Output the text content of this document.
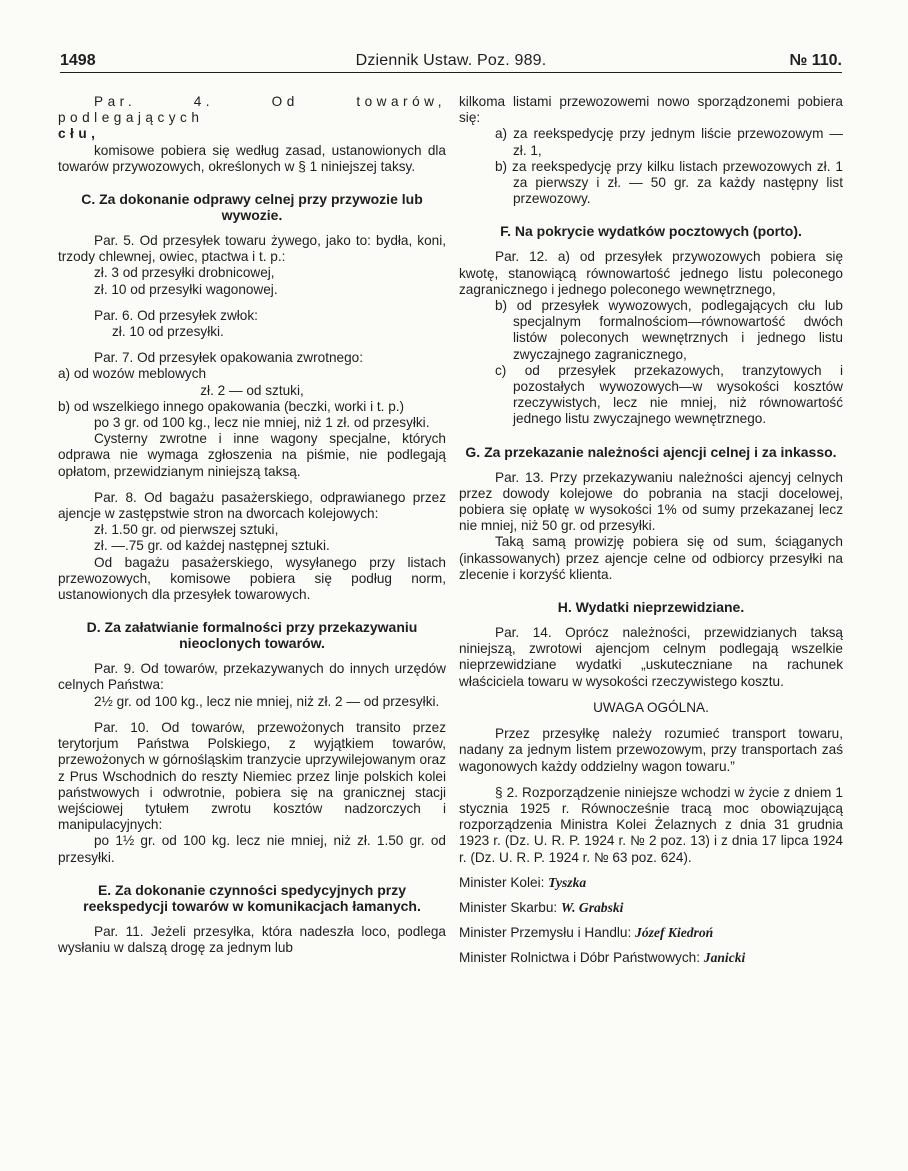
1498	Dziennik Ustaw. Poz. 989.	№ 110.

Par. 4. Od towarów, podlegających

cłu,

komisowe pobiera się według zasad, ustanowionych dla towarów przywozowych, określonych w § 1 niniejszej taksy.

C. Za dokonanie odprawy celnej przy przywozie lub wywozie.

Par. 5. Od przesyłek towaru żywego, jako to: bydła, koni, trzody chlewnej, owiec, ptactwa i t. p.:

zł. 3 od przesyłki drobnicowej,

zł. 10 od przesyłki wagonowej.

Par. 6. Od przesyłek zwłok:

zł. 10 od przesyłki.

Par. 7. Od przesyłek opakowania zwrotnego:

a) od wozów meblowych

zł. 2 — od sztuki,

b) od wszelkiego innego opakowania (beczki, worki i t. p.)

po 3 gr. od 100 kg., lecz nie mniej, niż 1 zł. od przesyłki.

Cysterny zwrotne i inne wagony specjalne, których odprawa nie wymaga zgłoszenia na piśmie, nie podlegają opłatom, przewidzianym niniejszą taksą.

Par. 8. Od bagażu pasażerskiego, odprawianego przez ajencje w zastępstwie stron na dworcach kolejowych:

zł. 1.50 gr. od pierwszej sztuki,

zł. —.75 gr. od każdej następnej sztuki.

Od bagażu pasażerskiego, wysyłanego przy listach przewozowych, komisowe pobiera się podług norm, ustanowionych dla przesyłek towarowych.

D. Za załatwianie formalności przy przekazywaniu nieoclonych towarów.

Par. 9. Od towarów, przekazywanych do innych urzędów celnych Państwa:

2½ gr. od 100 kg., lecz nie mniej, niż zł. 2 — od przesyłki.

Par. 10. Od towarów, przewożonych transito przez terytorjum Państwa Polskiego, z wyjątkiem towarów, przewożonych w górnośląskim tranzycie uprzywilejowanym oraz z Prus Wschodnich do reszty Niemiec przez linje polskich kolei państwowych i odwrotnie, pobiera się na granicznej stacji wejściowej tytułem zwrotu kosztów nadzorczych i manipulacyjnych:

po 1½ gr. od 100 kg. lecz nie mniej, niż zł. 1.50 gr. od przesyłki.

E. Za dokonanie czynności spedycyjnych przy reekspedycji towarów w komunikacjach łamanych.

Par. 11. Jeżeli przesyłka, która nadeszła loco, podlega wysłaniu w dalszą drogę za jednym lub

kilkoma listami przewozowemi nowo sporządzonemi pobiera się:

a) za reekspedycję przy jednym liście przewozowym — zł. 1,

b) za reekspedycję przy kilku listach przewozowych zł. 1 za pierwszy i zł. — 50 gr. za każdy następny list przewozowy.

F. Na pokrycie wydatków pocztowych (porto).

Par. 12. a) od przesyłek przywozowych pobiera się kwotę, stanowiącą równowartość jednego listu poleconego zagranicznego i jednego poleconego wewnętrznego,

b) od przesyłek wywozowych, podlegających cłu lub specjalnym formalnościom—równowartość dwóch listów poleconych wewnętrznych i jednego listu zwyczajnego zagranicznego,

c) od przesyłek przekazowych, tranzytowych i pozostałych wywozowych—w wysokości kosztów rzeczywistych, lecz nie mniej, niż równowartość jednego listu zwyczajnego wewnętrznego.

G. Za przekazanie należności ajencji celnej i za inkasso.

Par. 13. Przy przekazywaniu należności ajencyj celnych przez dowody kolejowe do pobrania na stacji docelowej, pobiera się opłatę w wysokości 1% od sumy przekazanej lecz nie mniej, niż 50 gr. od przesyłki.

Taką samą prowizję pobiera się od sum, ściąganych (inkassowanych) przez ajencje celne od odbiorcy przesyłki na zlecenie i korzyść klienta.

H. Wydatki nieprzewidziane.

Par. 14. Oprócz należności, przewidzianych taksą niniejszą, zwrotowi ajencjom celnym podlegają wszelkie nieprzewidziane wydatki „uskuteczniane na rachunek właściciela towaru w wysokości rzeczywistego kosztu.

UWAGA OGÓLNA.

Przez przesyłkę należy rozumieć transport towaru, nadany za jednym listem przewozowym, przy transportach zaś wagonowych każdy oddzielny wagon towaru.”

§ 2. Rozporządzenie niniejsze wchodzi w życie z dniem 1 stycznia 1925 r. Równocześnie tracą moc obowiązującą rozporządzenia Ministra Kolei Żelaznych z dnia 31 grudnia 1923 r. (Dz. U. R. P. 1924 r. № 2 poz. 13) i z dnia 17 lipca 1924 r. (Dz. U. R. P. 1924 r. № 63 poz. 624).

Minister Kolei: Tyszka

Minister Skarbu: W. Grabski

Minister Przemysłu i Handlu: Józef Kiedroń

Minister Rolnictwa i Dóbr Państwowych: Janicki
